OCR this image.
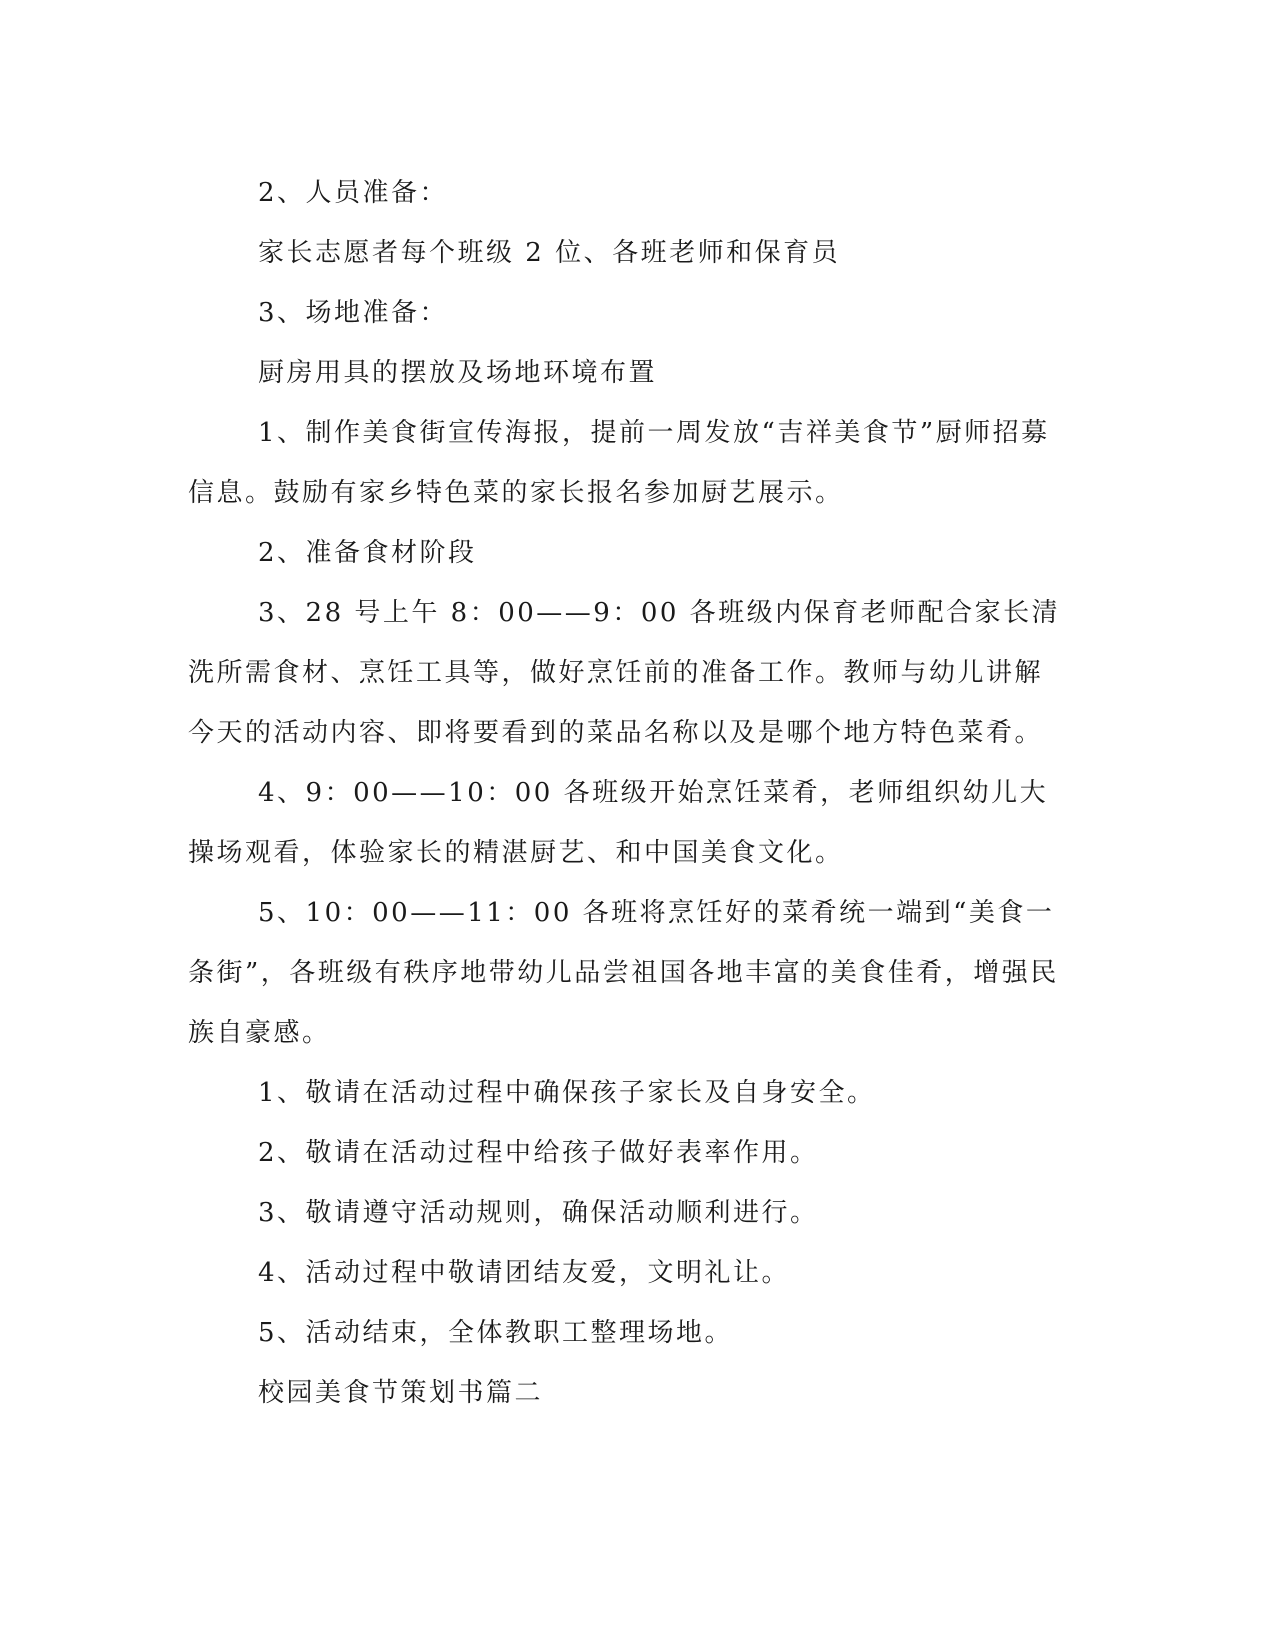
2、人员准备：

家长志愿者每个班级 2 位、各班老师和保育员

3、场地准备：

厨房用具的摆放及场地环境布置

1、制作美食街宣传海报，提前一周发放“吉祥美食节”厨师招募信息。鼓励有家乡特色菜的家长报名参加厨艺展示。

2、准备食材阶段

3、28 号上午 8：00——9：00 各班级内保育老师配合家长清洗所需食材、烹饪工具等，做好烹饪前的准备工作。教师与幼儿讲解今天的活动内容、即将要看到的菜品名称以及是哪个地方特色菜肴。

4、9：00——10：00 各班级开始烹饪菜肴，老师组织幼儿大操场观看，体验家长的精湛厨艺、和中国美食文化。

5、10：00——11：00 各班将烹饪好的菜肴统一端到“美食一条街”，各班级有秩序地带幼儿品尝祖国各地丰富的美食佳肴，增强民族自豪感。

1、敬请在活动过程中确保孩子家长及自身安全。

2、敬请在活动过程中给孩子做好表率作用。

3、敬请遵守活动规则，确保活动顺利进行。

4、活动过程中敬请团结友爱，文明礼让。

5、活动结束，全体教职工整理场地。

校园美食节策划书篇二
